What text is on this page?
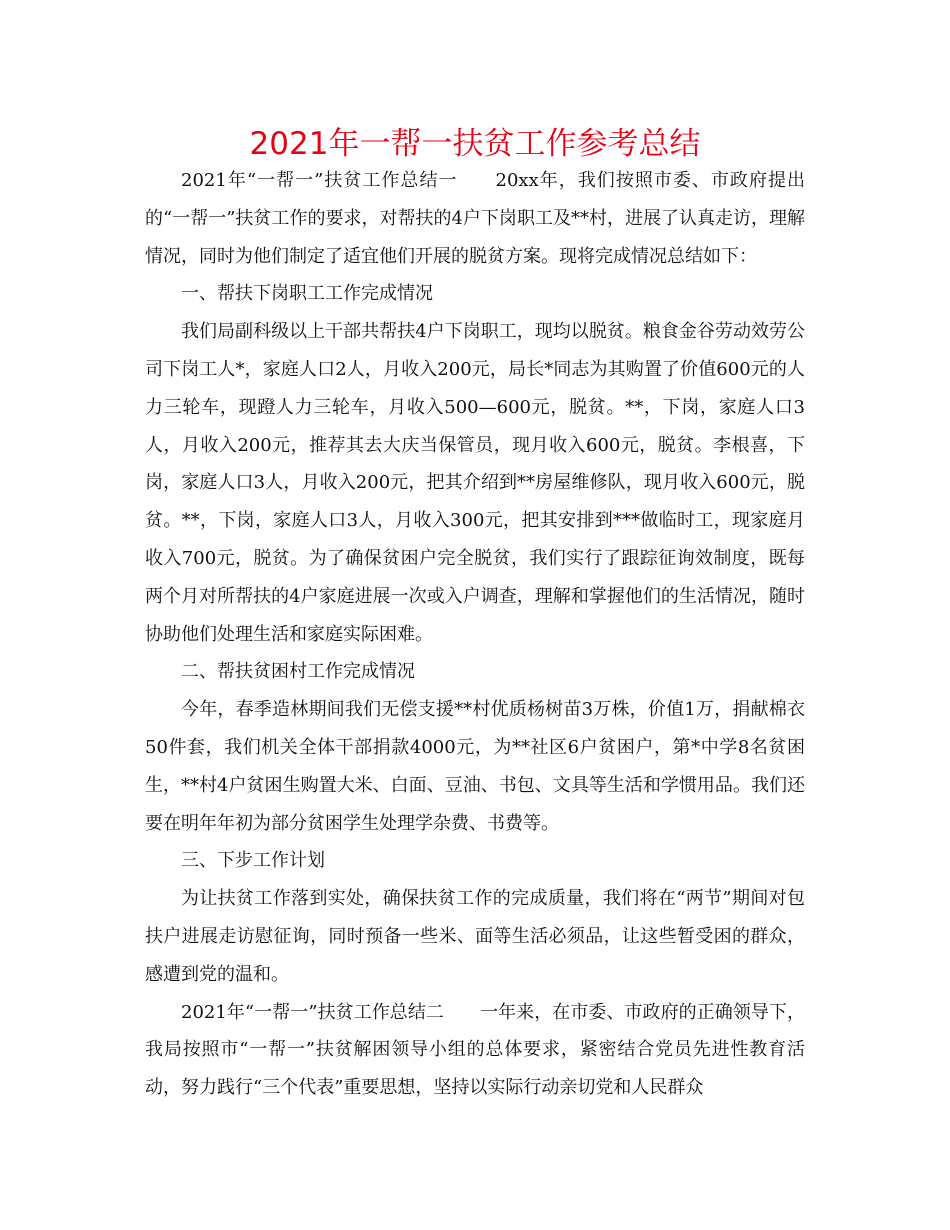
2021年一帮一扶贫工作参考总结

2021年“一帮一”扶贫工作总结一　　20xx年，我们按照市委、市政府提出的“一帮一”扶贫工作的要求，对帮扶的4户下岗职工及**村，进展了认真走访，理解情况，同时为他们制定了适宜他们开展的脱贫方案。现将完成情况总结如下：

一、帮扶下岗职工工作完成情况

我们局副科级以上干部共帮扶4户下岗职工，现均以脱贫。粮食金谷劳动效劳公司下岗工人*，家庭人口2人，月收入200元，局长*同志为其购置了价值600元的人力三轮车，现蹬人力三轮车，月收入500—600元，脱贫。**，下岗，家庭人口3人，月收入200元，推荐其去大庆当保管员，现月收入600元，脱贫。李根喜，下岗，家庭人口3人，月收入200元，把其介绍到**房屋维修队，现月收入600元，脱贫。**，下岗，家庭人口3人，月收入300元，把其安排到***做临时工，现家庭月收入700元，脱贫。为了确保贫困户完全脱贫，我们实行了跟踪征询效制度，既每两个月对所帮扶的4户家庭进展一次或入户调查，理解和掌握他们的生活情况，随时协助他们处理生活和家庭实际困难。

二、帮扶贫困村工作完成情况

今年，春季造林期间我们无偿支援**村优质杨树苗3万株，价值1万，捐献棉衣50件套，我们机关全体干部捐款4000元，为**社区6户贫困户，第*中学8名贫困生，**村4户贫困生购置大米、白面、豆油、书包、文具等生活和学惯用品。我们还要在明年年初为部分贫困学生处理学杂费、书费等。

三、下步工作计划

为让扶贫工作落到实处，确保扶贫工作的完成质量，我们将在“两节”期间对包扶户进展走访慰征询，同时预备一些米、面等生活必须品，让这些暂受困的群众，感遭到党的温和。

2021年“一帮一”扶贫工作总结二　　一年来，在市委、市政府的正确领导下，我局按照市“一帮一”扶贫解困领导小组的总体要求，紧密结合党员先进性教育活动，努力践行“三个代表”重要思想，坚持以实际行动亲切党和人民群众
